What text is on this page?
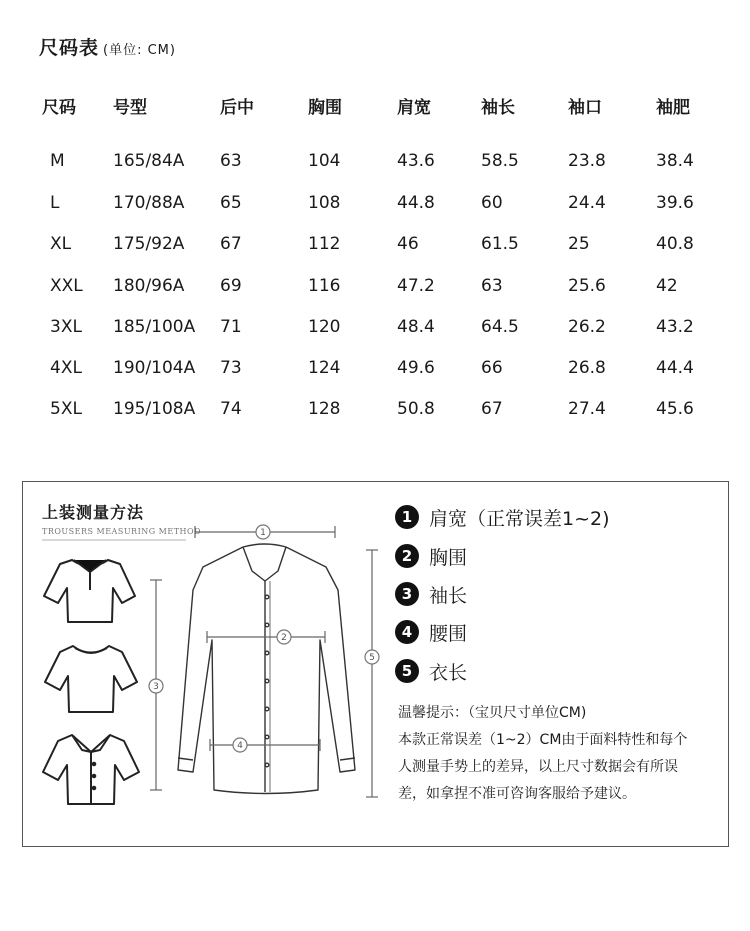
尺码表 (单位: CM)
尺码 号型	后中	胸围	肩宽	袖长	袖口	袖肥
M	165/84A 63	104	43.6	58.5	23.8	38.4
L	170/88A 65	108	44.8	60	24.4	39.6
XL 175/92A 67	112	46	61.5	25	40.8
XXL 180/96A 69	116	47.2	63	25.6	42
3XL 185/100A 71	120	48.4	64.5	26.2	43.2
4XL 190/104A 73	124	49.6	66	26.8	44.4
5XL 195/108A 74	128	50.8	67	27.4	45.6
上装测量方法
TROUSERS MEASURING METHOD	1
2
3
4
5
1 肩宽（正常误差1~2)
2 胸围
3 袖长
4 腰围
5 衣长
温馨提示：（宝贝尺寸单位CM)
本款正常误差（1~2）CM由于面料特性和每个人测量手势上的差异，以上尺寸数据会有所误差，如拿捏不准可咨询客服给予建议。
